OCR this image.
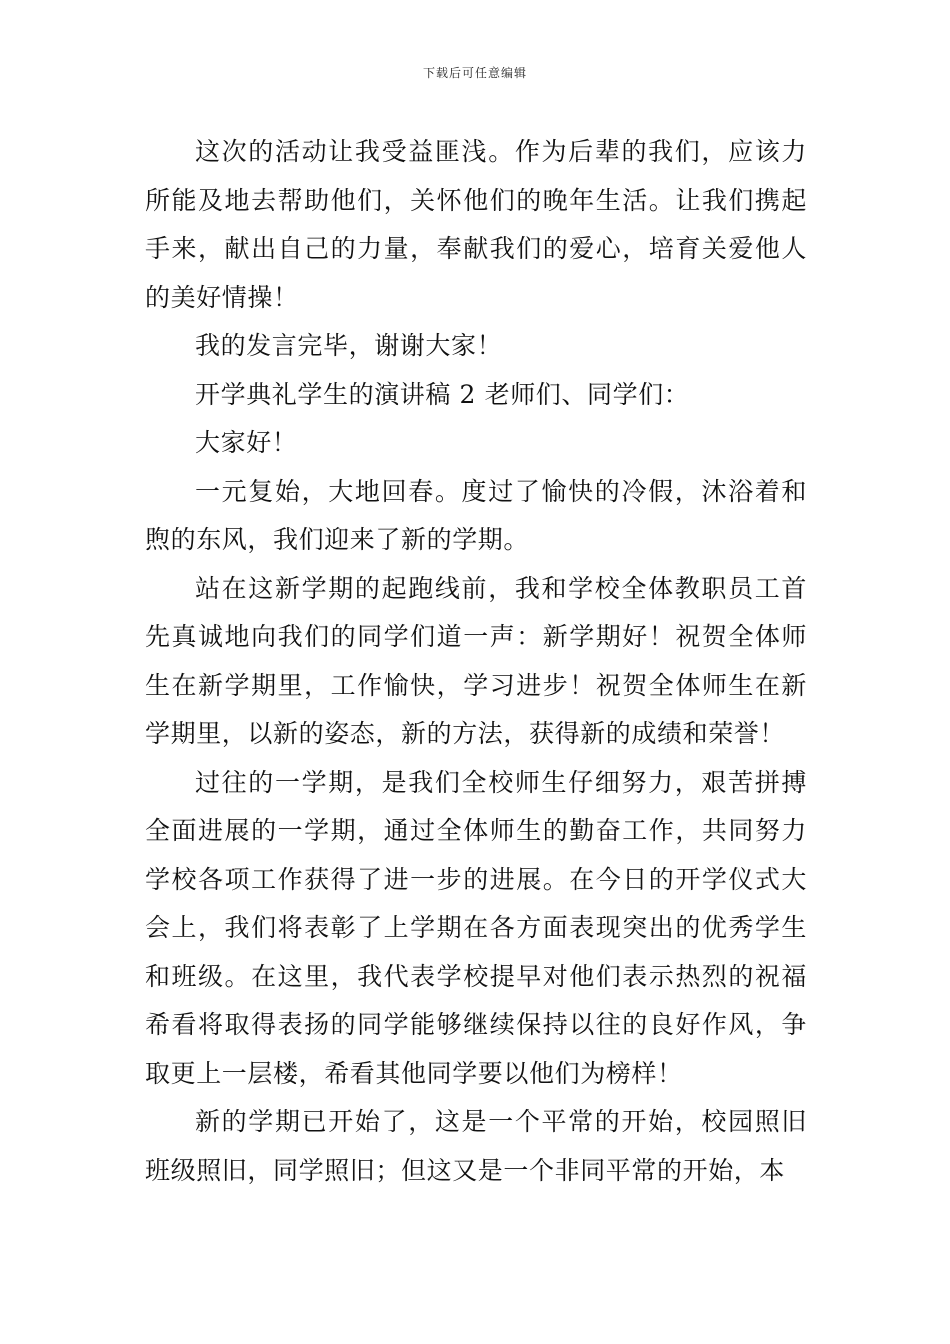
下载后可任意编辑

这次的活动让我受益匪浅。作为后辈的我们，应该力所能及地去帮助他们，关怀他们的晚年生活。让我们携起手来，献出自己的力量，奉献我们的爱心，培育关爱他人的美好情操！

我的发言完毕，谢谢大家！

开学典礼学生的演讲稿 2 老师们、同学们：

大家好！

一元复始，大地回春。度过了愉快的冷假，沐浴着和煦的东风，我们迎来了新的学期。

站在这新学期的起跑线前，我和学校全体教职员工首先真诚地向我们的同学们道一声：新学期好！祝贺全体师生在新学期里，工作愉快，学习进步！祝贺全体师生在新学期里，以新的姿态，新的方法，获得新的成绩和荣誉！

过往的一学期，是我们全校师生仔细努力，艰苦拼搏全面进展的一学期，通过全体师生的勤奋工作，共同努力学校各项工作获得了进一步的进展。在今日的开学仪式大会上，我们将表彰了上学期在各方面表现突出的优秀学生和班级。在这里，我代表学校提早对他们表示热烈的祝福希看将取得表扬的同学能够继续保持以往的良好作风，争取更上一层楼，希看其他同学要以他们为榜样！

新的学期已开始了，这是一个平常的开始，校园照旧班级照旧，同学照旧；但这又是一个非同平常的开始，本
